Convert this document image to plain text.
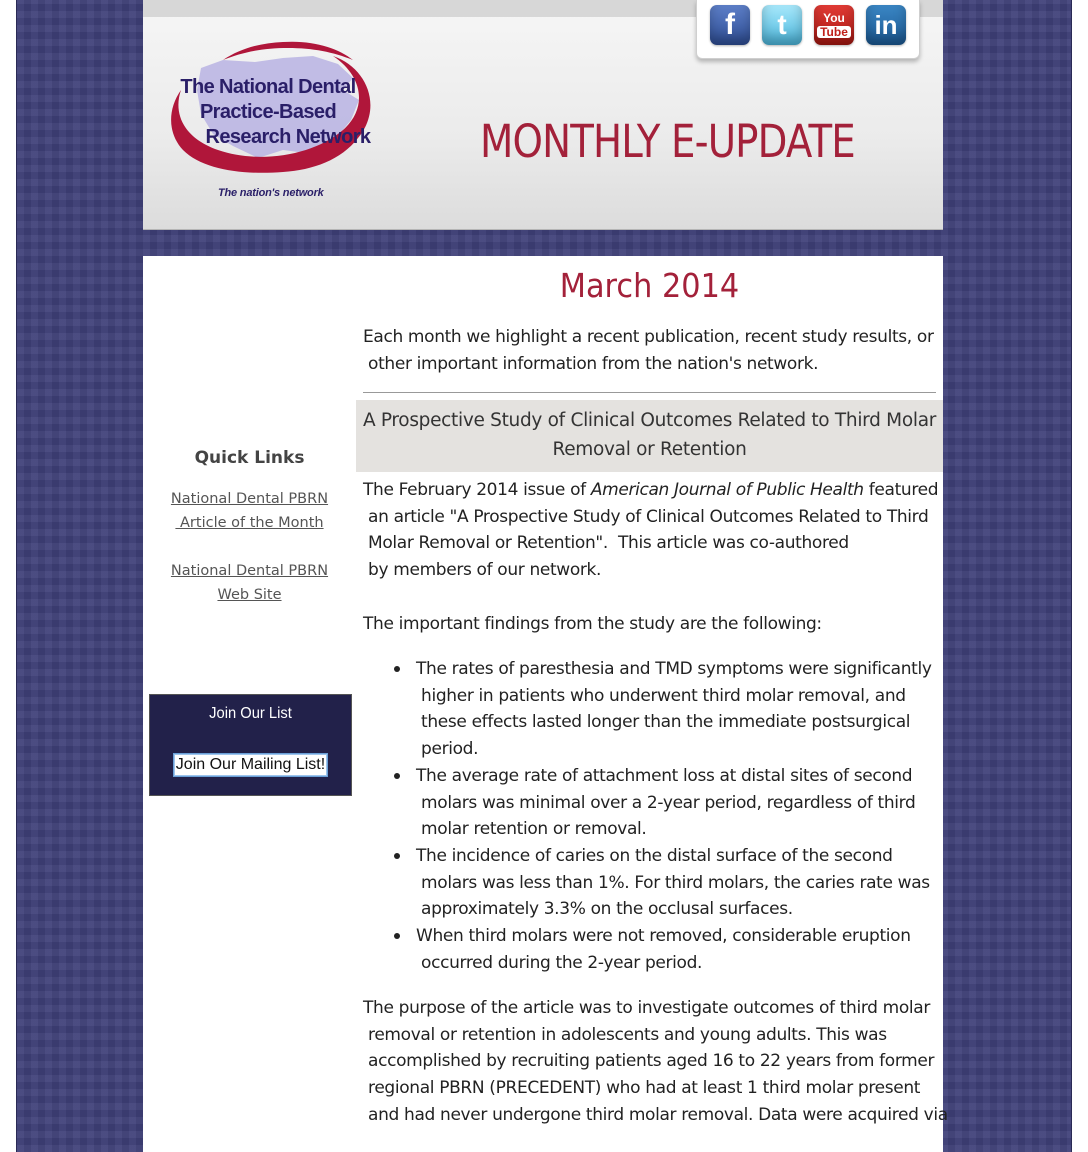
f t	You
Tube in
The National Dental
Practice-Based
Research Network
The nation's network
MONTHLY E-UPDATE
Quick Links
National Dental PBRN
Article of the Month
National Dental PBRN
Web Site
Join Our List
Join Our Mailing List!
March 2014
Each month we highlight a recent publication, recent study results, or
other important information from the nation's network.
A Prospective Study of Clinical Outcomes Related to Third Molar
Removal or Retention
The February 2014 issue of American Journal of Public Health featured
an article "A Prospective Study of Clinical Outcomes Related to Third
Molar Removal or Retention".  This article was co-authored
by members of our network.
The important findings from the study are the following:
The rates of paresthesia and TMD symptoms were significantly
higher in patients who underwent third molar removal, and
these effects lasted longer than the immediate postsurgical
period.
The average rate of attachment loss at distal sites of second
molars was minimal over a 2-year period, regardless of third
molar retention or removal.
The incidence of caries on the distal surface of the second
molars was less than 1%. For third molars, the caries rate was
approximately 3.3% on the occlusal surfaces.
When third molars were not removed, considerable eruption
occurred during the 2-year period.
The purpose of the article was to investigate outcomes of third molar
removal or retention in adolescents and young adults. This was
accomplished by recruiting patients aged 16 to 22 years from former
regional PBRN (PRECEDENT) who had at least 1 third molar present
and had never undergone third molar removal. Data were acquired via
